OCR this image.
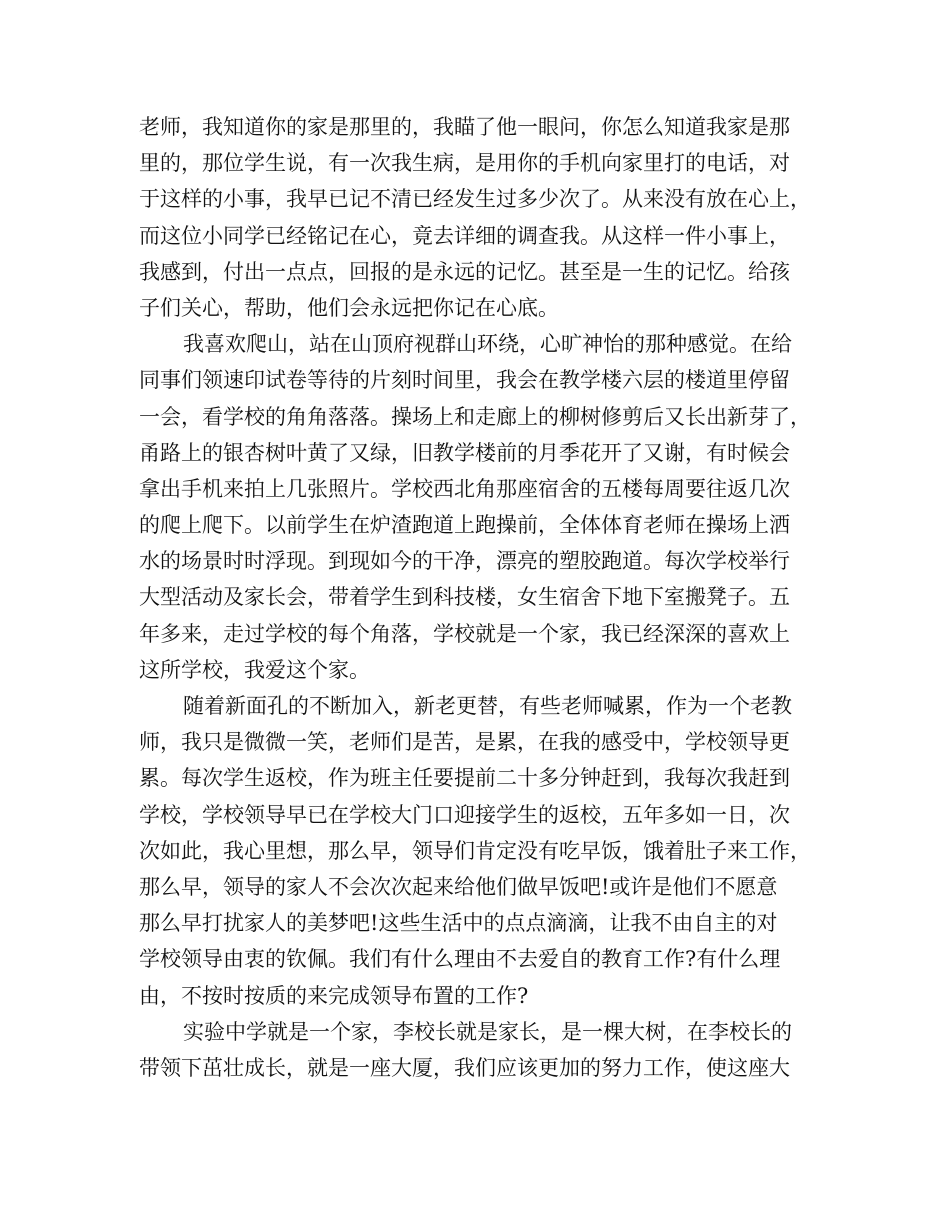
老师，我知道你的家是那里的，我瞄了他一眼问，你怎么知道我家是那
里的，那位学生说，有一次我生病，是用你的手机向家里打的电话，对
于这样的小事，我早已记不清已经发生过多少次了。从来没有放在心上，
而这位小同学已经铭记在心，竟去详细的调查我。从这样一件小事上，
我感到，付出一点点，回报的是永远的记忆。甚至是一生的记忆。给孩
子们关心，帮助，他们会永远把你记在心底。
我喜欢爬山，站在山顶府视群山环绕，心旷神怡的那种感觉。在给
同事们领速印试卷等待的片刻时间里，我会在教学楼六层的楼道里停留
一会，看学校的角角落落。操场上和走廊上的柳树修剪后又长出新芽了，
甬路上的银杏树叶黄了又绿，旧教学楼前的月季花开了又谢，有时候会
拿出手机来拍上几张照片。学校西北角那座宿舍的五楼每周要往返几次
的爬上爬下。以前学生在炉渣跑道上跑操前，全体体育老师在操场上洒
水的场景时时浮现。到现如今的干净，漂亮的塑胶跑道。每次学校举行
大型活动及家长会，带着学生到科技楼，女生宿舍下地下室搬凳子。五
年多来，走过学校的每个角落，学校就是一个家，我已经深深的喜欢上
这所学校，我爱这个家。
随着新面孔的不断加入，新老更替，有些老师喊累，作为一个老教
师，我只是微微一笑，老师们是苦，是累，在我的感受中，学校领导更
累。每次学生返校，作为班主任要提前二十多分钟赶到，我每次我赶到
学校，学校领导早已在学校大门口迎接学生的返校，五年多如一日，次
次如此，我心里想，那么早，领导们肯定没有吃早饭，饿着肚子来工作，
那么早，领导的家人不会次次起来给他们做早饭吧!或许是他们不愿意
那么早打扰家人的美梦吧!这些生活中的点点滴滴，让我不由自主的对
学校领导由衷的钦佩。我们有什么理由不去爱自的教育工作?有什么理
由，不按时按质的来完成领导布置的工作?
实验中学就是一个家，李校长就是家长，是一棵大树，在李校长的
带领下茁壮成长，就是一座大厦，我们应该更加的努力工作，使这座大
